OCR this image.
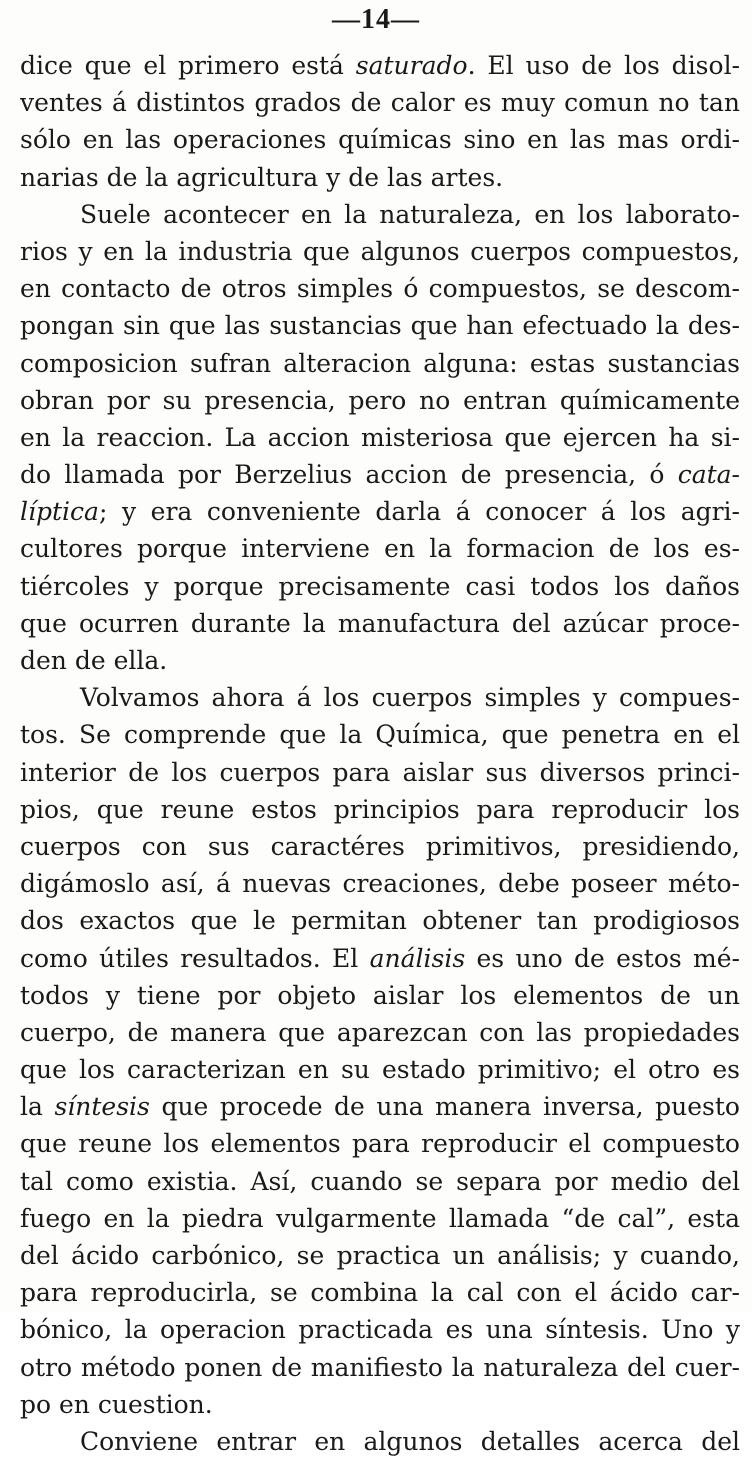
—14—
dice que el primero está saturado. El uso de los disol-
ventes á distintos grados de calor es muy comun no tan
sólo en las operaciones químicas sino en las mas ordi-
narias de la agricultura y de las artes.
Suele acontecer en la naturaleza, en los laborato-
rios y en la industria que algunos cuerpos compuestos,
en contacto de otros simples ó compuestos, se descom-
pongan sin que las sustancias que han efectuado la des-
composicion sufran alteracion alguna: estas sustancias
obran por su presencia, pero no entran químicamente
en la reaccion. La accion misteriosa que ejercen ha si-
do llamada por Berzelius accion de presencia, ó cata-
líptica; y era conveniente darla á conocer á los agri-
cultores porque interviene en la formacion de los es-
tiércoles y porque precisamente casi todos los daños
que ocurren durante la manufactura del azúcar proce-
den de ella.
Volvamos ahora á los cuerpos simples y compues-
tos. Se comprende que la Química, que penetra en el
interior de los cuerpos para aislar sus diversos princi-
pios, que reune estos principios para reproducir los
cuerpos con sus caractéres primitivos, presidiendo,
digámoslo así, á nuevas creaciones, debe poseer méto-
dos exactos que le permitan obtener tan prodigiosos
como útiles resultados. El análisis es uno de estos mé-
todos y tiene por objeto aislar los elementos de un
cuerpo, de manera que aparezcan con las propiedades
que los caracterizan en su estado primitivo; el otro es
la síntesis que procede de una manera inversa, puesto
que reune los elementos para reproducir el compuesto
tal como existia. Así, cuando se separa por medio del
fuego en la piedra vulgarmente llamada “de cal”, esta
del ácido carbónico, se practica un análisis; y cuando,
para reproducirla, se combina la cal con el ácido car-
bónico, la operacion practicada es una síntesis. Uno y
otro método ponen de manifiesto la naturaleza del cuer-
po en cuestion.
Conviene entrar en algunos detalles acerca del
